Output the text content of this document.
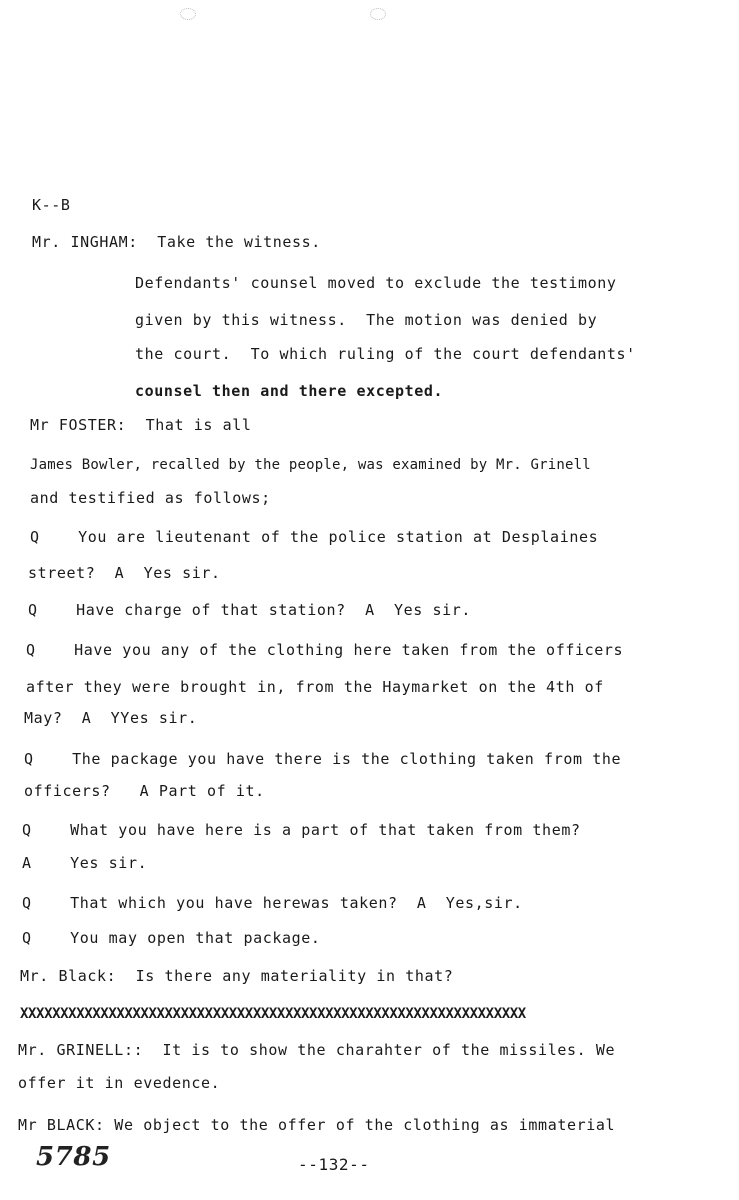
K--B
Mr. INGHAM:  Take the witness.
Defendants' counsel moved to exclude the testimony
given by this witness.  The motion was denied by
the court.  To which ruling of the court defendants'
counsel then and there excepted.
Mr FOSTER:  That is all
James Bowler, recalled by the people, was examined by Mr. Grinell
and testified as follows;
Q    You are lieutenant of the police station at Desplaines
street?  A  Yes sir.
Q    Have charge of that station?  A  Yes sir.
Q    Have you any of the clothing here taken from the officers
after they were brought in, from the Haymarket on the 4th of
May?  A  YYes sir.
Q    The package you have there is the clothing taken from the
officers?   A Part of it.
Q    What you have here is a part of that taken from them?
A    Yes sir.
Q    That which you have herewas taken?  A  Yes,sir.
Q    You may open that package.
Mr. Black:  Is there any materiality in that?
XXXXXXXXXXXXXXXXXXXXXXXXXXXXXXXXXXXXXXXXXXXXXXXXXXXXXXXXXXXXXXX
Mr. GRINELL::  It is to show the charahter of the missiles. We
offer it in evedence.
Mr BLACK: We object to the offer of the clothing as immaterial
5785	--132--
